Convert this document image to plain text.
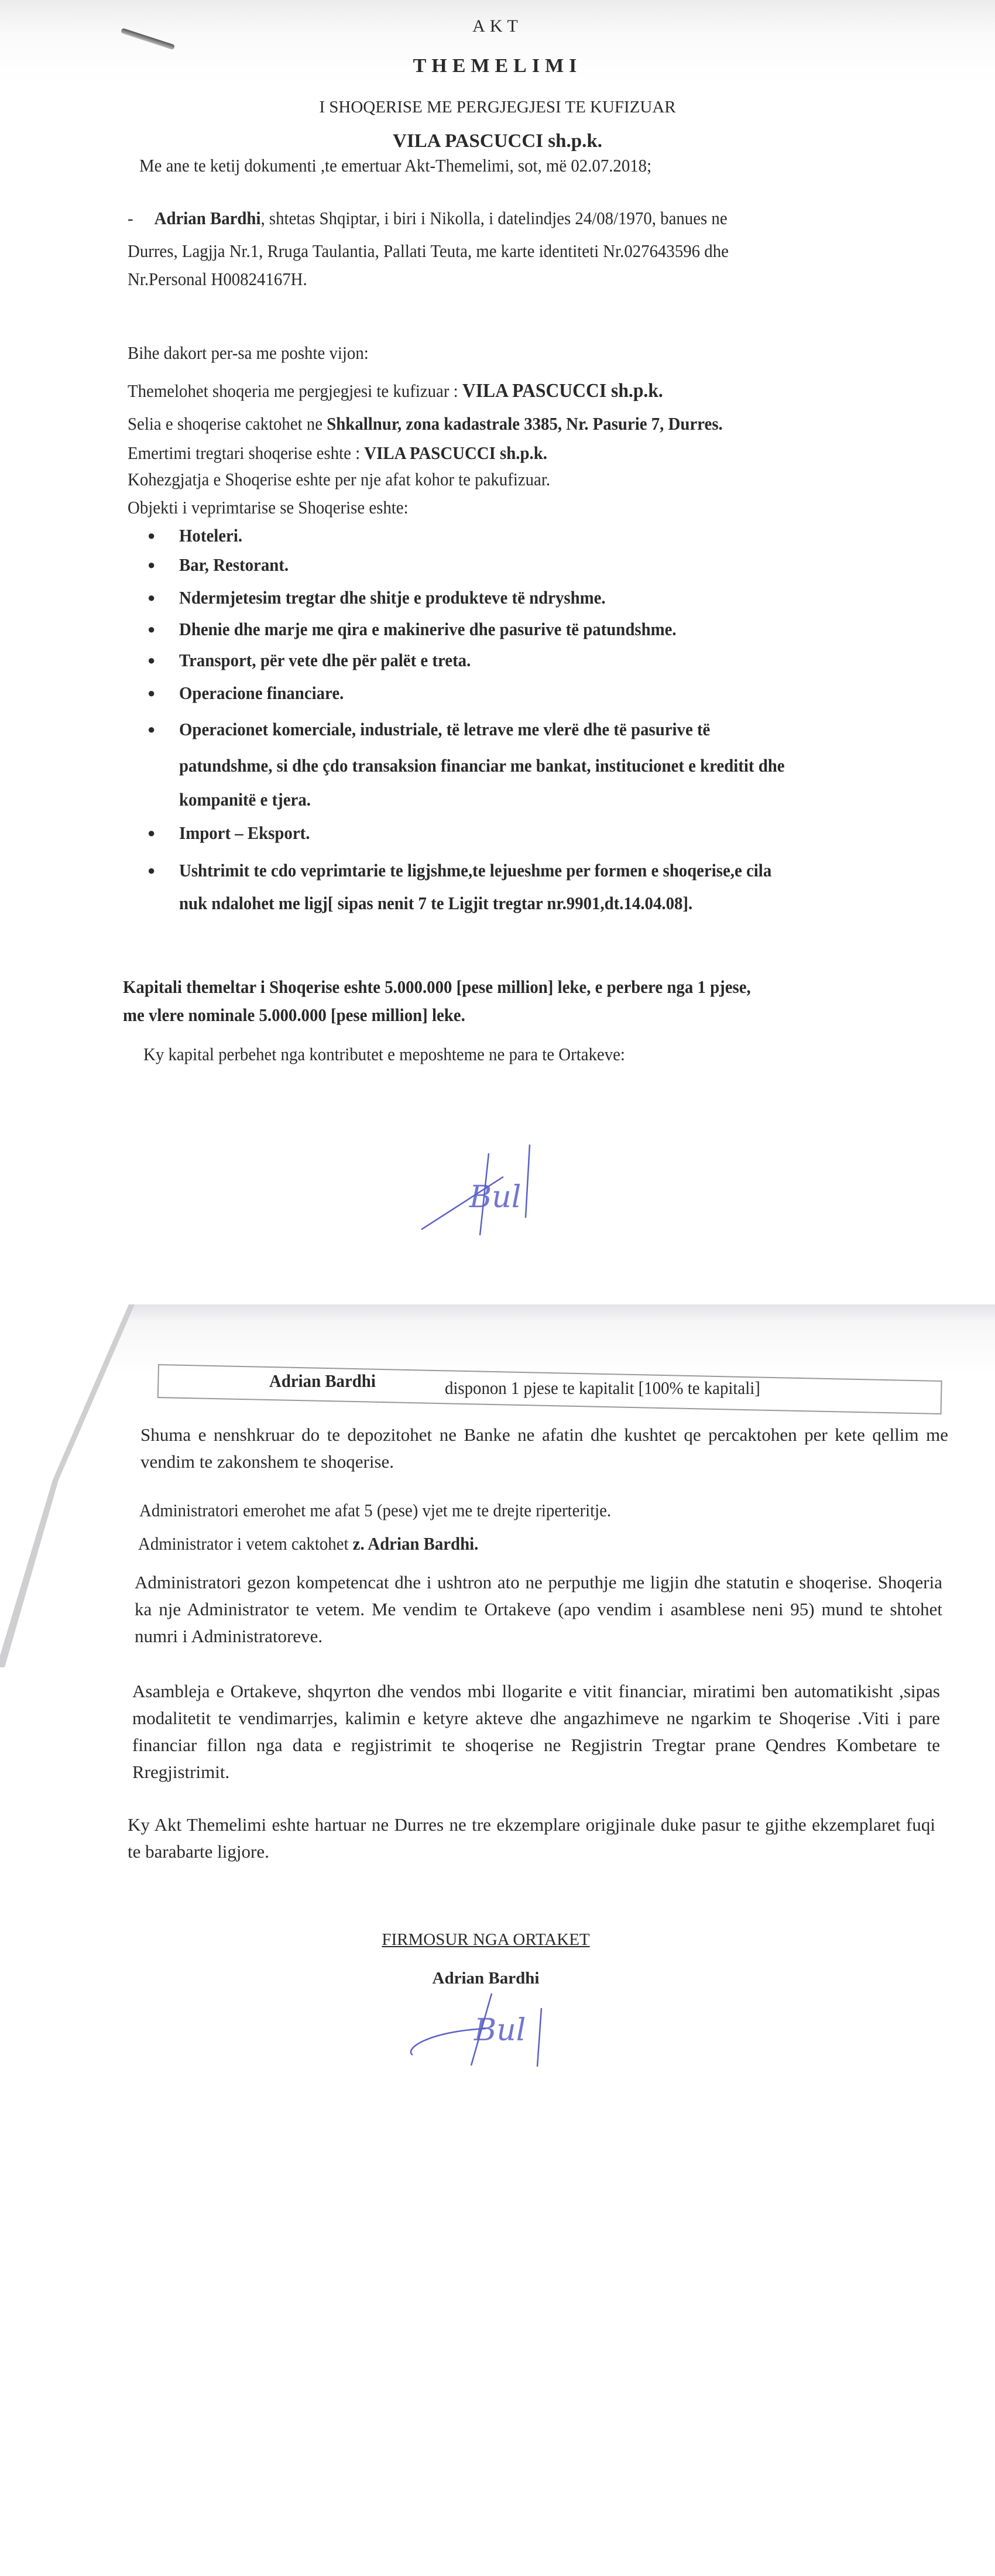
AKT
THEMELIMI
I SHOQERISE ME PERGJEGJESI TE KUFIZUAR
VILA PASCUCCI sh.p.k.
Me ane te ketij dokumenti ,te emertuar Akt-Themelimi, sot, më 02.07.2018;
- Adrian Bardhi, shtetas Shqiptar, i biri i Nikolla, i datelindjes 24/08/1970, banues ne
Durres, Lagjja Nr.1, Rruga Taulantia, Pallati Teuta, me karte identiteti Nr.027643596 dhe
Nr.Personal H00824167H.
Bihe dakort per-sa me poshte vijon:
Themelohet shoqeria me pergjegjesi te kufizuar : VILA PASCUCCI sh.p.k.
Selia e shoqerise caktohet ne Shkallnur, zona kadastrale 3385, Nr. Pasurie 7, Durres.
Emertimi tregtari shoqerise eshte : VILA PASCUCCI sh.p.k.
Kohezgjatja e Shoqerise eshte per nje afat kohor te pakufizuar.
Objekti i veprimtarise se Shoqerise eshte:
● Hoteleri.
● Bar, Restorant.
● Ndermjetesim tregtar dhe shitje e produkteve të ndryshme.
● Dhenie dhe marje me qira e makinerive dhe pasurive të patundshme.
● Transport, për vete dhe për palët e treta.
● Operacione financiare.
● Operacionet komerciale, industriale, të letrave me vlerë dhe të pasurive të
patundshme, si dhe çdo transaksion financiar me bankat, institucionet e kreditit dhe
kompanitë e tjera.
● Import – Eksport.
● Ushtrimit te cdo veprimtarie te ligjshme,te lejueshme per formen e shoqerise,e cila
nuk ndalohet me ligj[ sipas nenit 7 te Ligjit tregtar nr.9901,dt.14.04.08].
Kapitali themeltar i Shoqerise eshte 5.000.000 [pese million] leke, e perbere nga 1 pjese,
me vlere nominale 5.000.000 [pese million] leke.
Ky kapital perbehet nga kontributet e meposhteme ne para te Ortakeve:
Bul
Adrian Bardhi	disponon 1 pjese te kapitalit [100% te kapitali]
Shuma e nenshkruar do te depozitohet ne Banke ne afatin dhe kushtet qe percaktohen per kete qellim me vendim te zakonshem te shoqerise.
Administratori emerohet me afat 5 (pese) vjet me te drejte riperteritje.
Administrator i vetem caktohet z. Adrian Bardhi.
Administratori gezon kompetencat dhe i ushtron ato ne perputhje me ligjin dhe statutin e shoqerise. Shoqeria ka nje Administrator te vetem. Me vendim te Ortakeve (apo vendim i asamblese neni 95) mund te shtohet numri i Administratoreve.
Asambleja e Ortakeve, shqyrton dhe vendos mbi llogarite e vitit financiar, miratimi ben automatikisht ,sipas modalitetit te vendimarrjes, kalimin e ketyre akteve dhe angazhimeve ne ngarkim te Shoqerise .Viti i pare financiar fillon nga data e regjistrimit te shoqerise ne Regjistrin Tregtar prane Qendres Kombetare te Rregjistrimit.
Ky Akt Themelimi eshte hartuar ne Durres ne tre ekzemplare origjinale duke pasur te gjithe ekzemplaret fuqi te barabarte ligjore.
FIRMOSUR NGA ORTAKET
Adrian Bardhi
Bul
